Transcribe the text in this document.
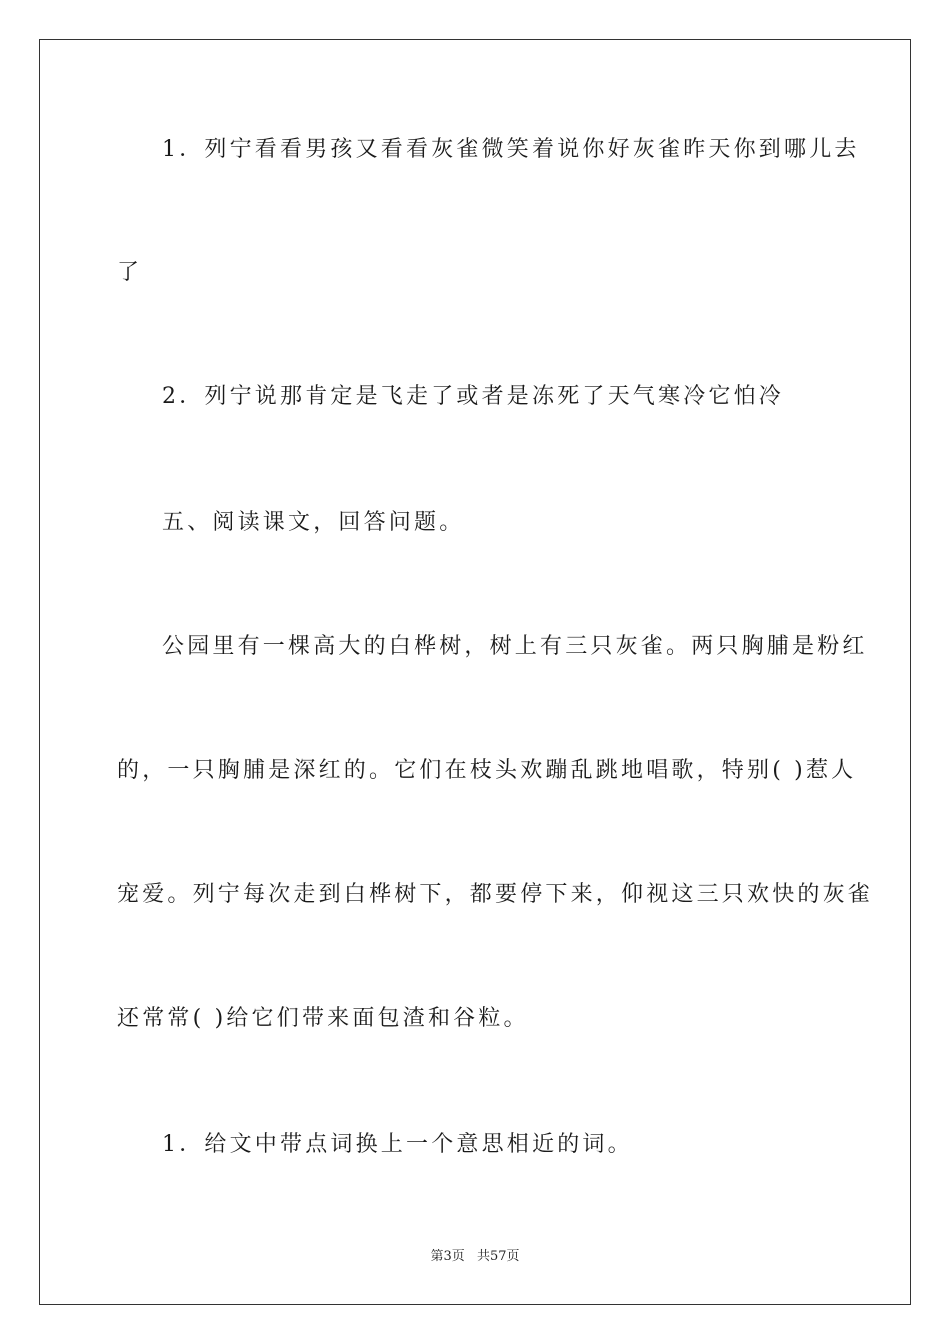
1．列宁看看男孩又看看灰雀微笑着说你好灰雀昨天你到哪儿去
了
2．列宁说那肯定是飞走了或者是冻死了天气寒冷它怕冷
五、阅读课文，回答问题。
公园里有一棵高大的白桦树，树上有三只灰雀。两只胸脯是粉红
的，一只胸脯是深红的。它们在枝头欢蹦乱跳地唱歌，特别( )惹人
宠爱。列宁每次走到白桦树下，都要停下来，仰视这三只欢快的灰雀
还常常( )给它们带来面包渣和谷粒。
1．给文中带点词换上一个意思相近的词。
第3页 共57页
